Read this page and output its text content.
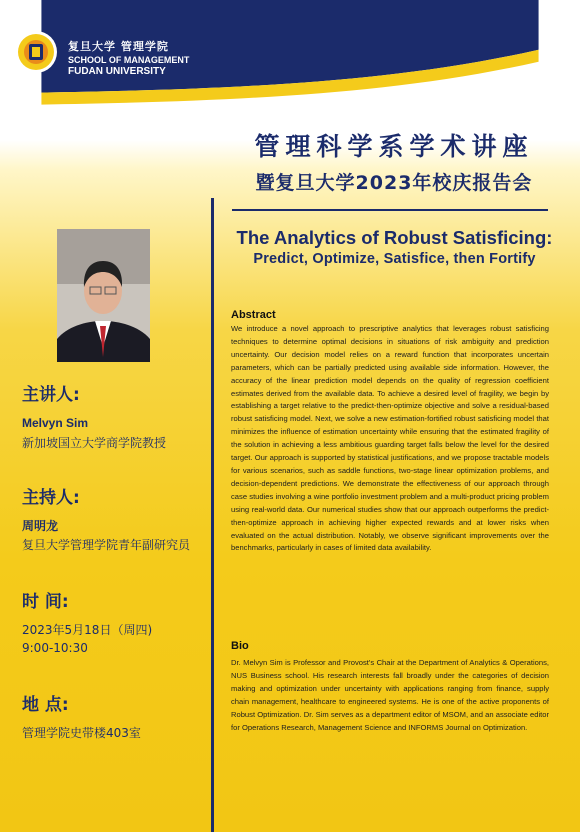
复旦大学 管理学院
SCHOOL OF MANAGEMENT
FUDAN UNIVERSITY
管理科学系学术讲座
暨复旦大学2023年校庆报告会
The Analytics of Robust Satisficing:
Predict, Optimize, Satisfice, then Fortify
主讲人:
Melvyn Sim
新加坡国立大学商学院教授
主持人:
周明龙
复旦大学管理学院青年副研究员
时 间:
2023年5月18日（周四)
9:00-10:30
地 点:
管理学院史带楼403室
Abstract
We introduce a novel approach to prescriptive analytics that leverages robust satisficing techniques to determine optimal decisions in situations of risk ambiguity and prediction uncertainty. Our decision model relies on a reward function that incorporates uncertain parameters, which can be partially predicted using available side information. However, the accuracy of the linear prediction model depends on the quality of regression coefficient estimates derived from the available data. To achieve a desired level of fragility, we begin by establishing a target relative to the predict-then-optimize objective and solve a residual-based robust satisficing model. Next, we solve a new estimation-fortified robust satisficing model that minimizes the influence of estimation uncertainty while ensuring that the estimated fragility of the solution in achieving a less ambitious guarding target falls below the level for the desired target. Our approach is supported by statistical justifications, and we propose tractable models for various scenarios, such as saddle functions, two-stage linear optimization problems, and decision-dependent predictions. We demonstrate the effectiveness of our approach through case studies involving a wine portfolio investment problem and a multi-product pricing problem using real-world data. Our numerical studies show that our approach outperforms the predict-then-optimize approach in achieving higher expected rewards and at lower risks when evaluated on the actual distribution. Notably, we observe significant improvements over the benchmarks, particularly in cases of limited data availability.
Bio
Dr. Melvyn Sim is Professor and Provost's Chair at the Department of Analytics & Operations, NUS Business school. His research interests fall broadly under the categories of decision making and optimization under uncertainty with applications ranging from finance, supply chain management, healthcare to engineered systems. He is one of the active proponents of Robust Optimization. Dr. Sim serves as a department editor of MSOM, and an associate editor for Operations Research, Management Science and INFORMS Journal on Optimization.
